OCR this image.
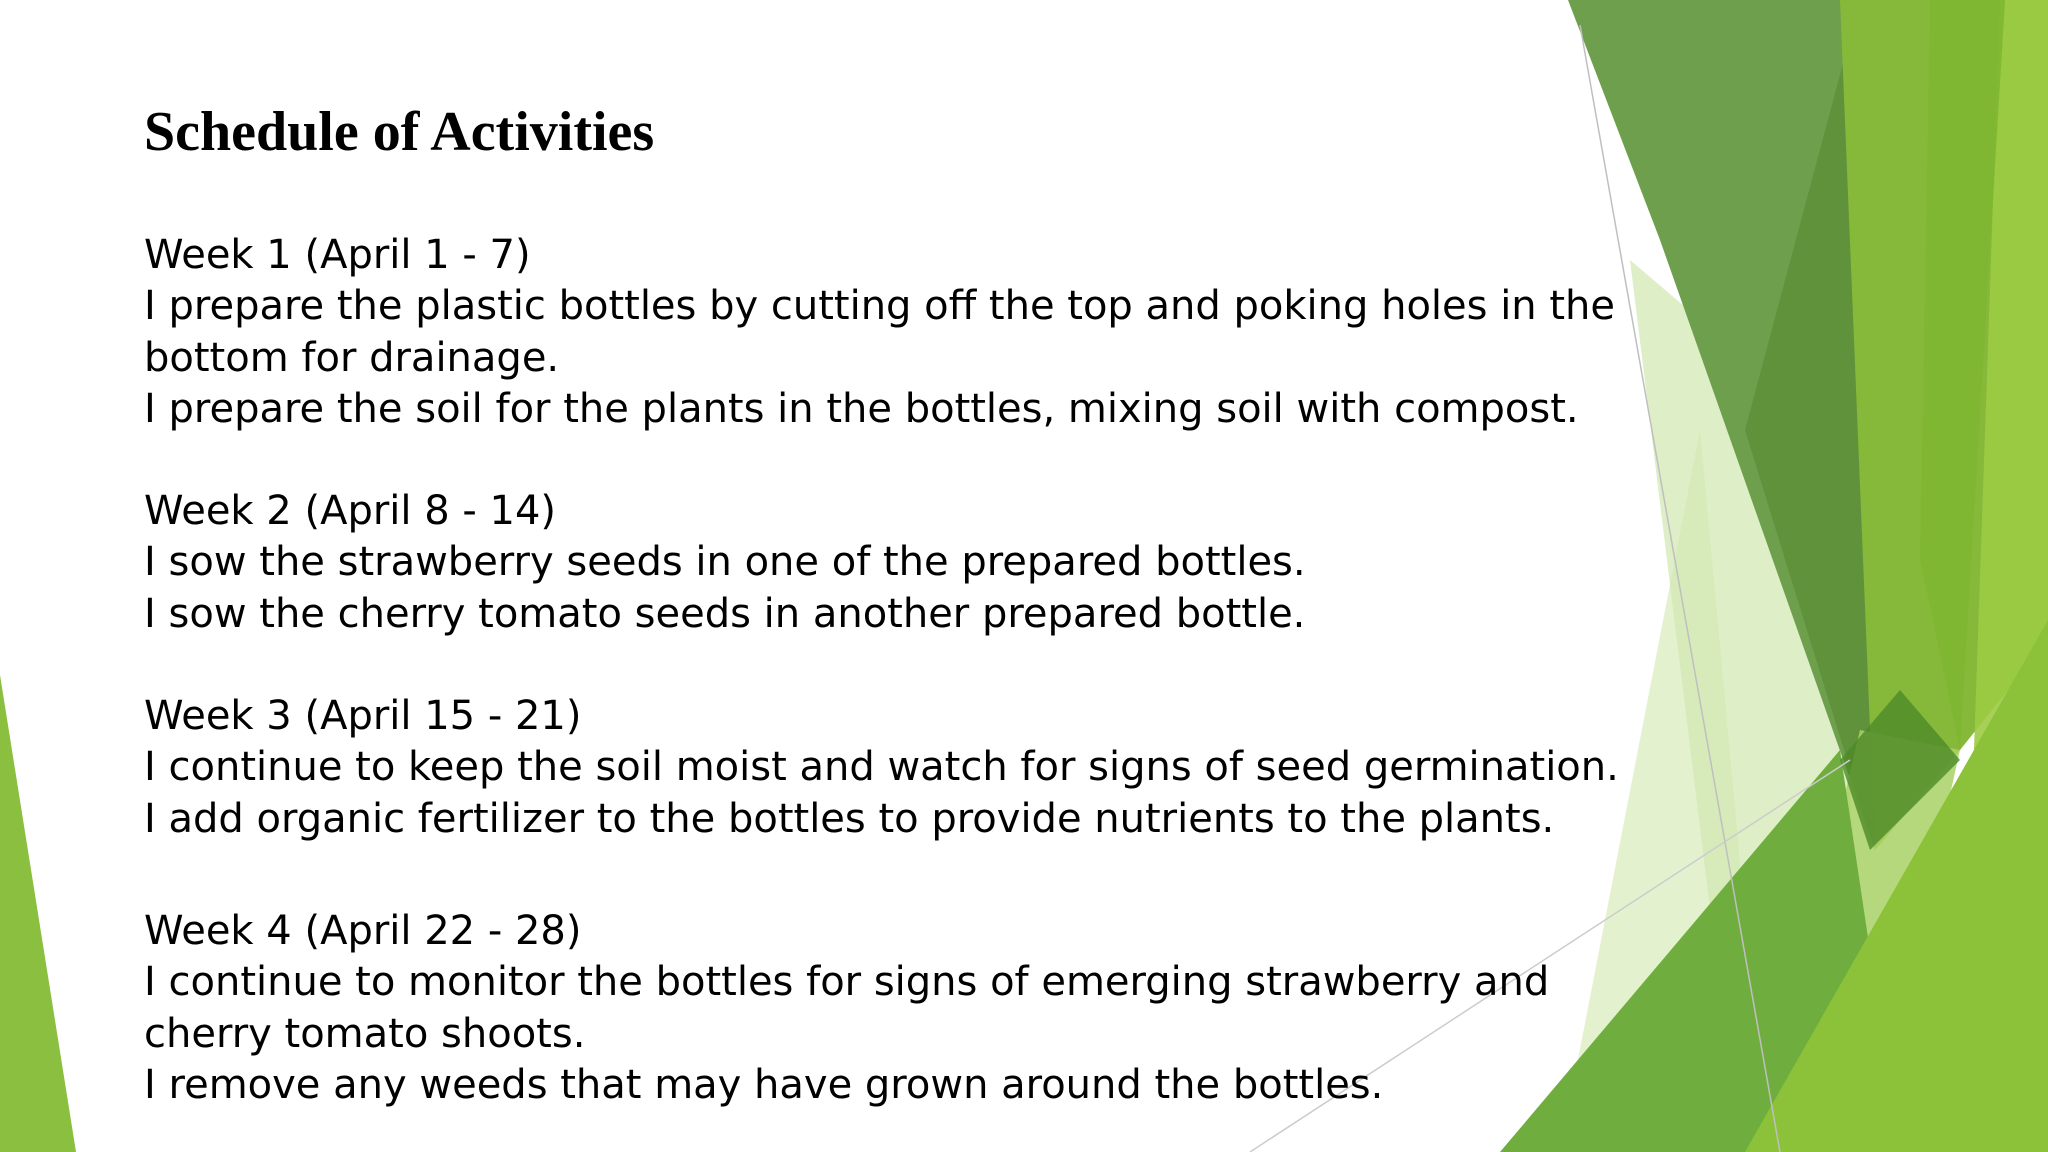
Schedule of Activities
Week 1 (April 1 - 7)
I prepare the plastic bottles by cutting off the top and poking holes in the
bottom for drainage.
I prepare the soil for the plants in the bottles, mixing soil with compost.
Week 2 (April 8 - 14)
I sow the strawberry seeds in one of the prepared bottles.
I sow the cherry tomato seeds in another prepared bottle.
Week 3 (April 15 - 21)
I continue to keep the soil moist and watch for signs of seed germination.
I add organic fertilizer to the bottles to provide nutrients to the plants.
Week 4 (April 22 - 28)
I continue to monitor the bottles for signs of emerging strawberry and
cherry tomato shoots.
I remove any weeds that may have grown around the bottles.
